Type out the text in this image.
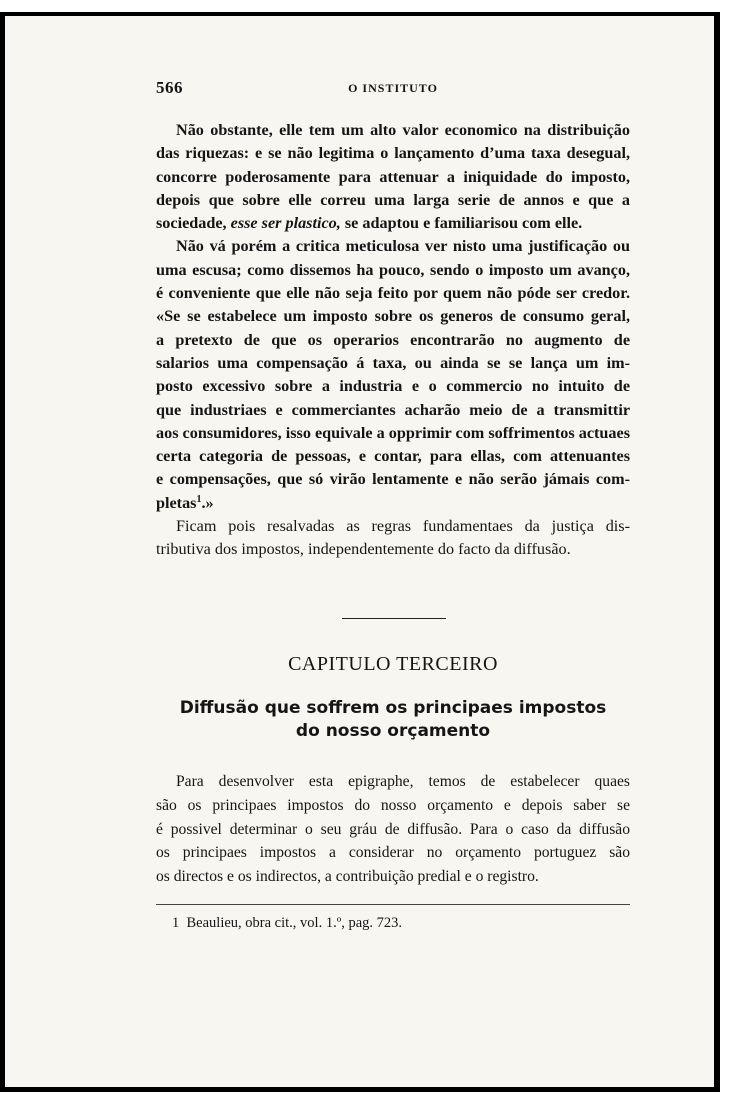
566	O INSTITUTO

Não obstante, elle tem um alto valor economico na distribuição
das riquezas: e se não legitima o lançamento d’uma taxa desegual,
concorre poderosamente para attenuar a iniquidade do imposto,
depois que sobre elle correu uma larga serie de annos e que a
sociedade, esse ser plastico, se adaptou e familiarisou com elle.

Não vá porém a critica meticulosa ver nisto uma justificação ou
uma escusa; como dissemos ha pouco, sendo o imposto um avanço,
é conveniente que elle não seja feito por quem não póde ser credor.
«Se se estabelece um imposto sobre os generos de consumo geral,
a pretexto de que os operarios encontrarão no augmento de
salarios uma compensação á taxa, ou ainda se se lança um im-
posto excessivo sobre a industria e o commercio no intuito de
que industriaes e commerciantes acharão meio de a transmittir
aos consumidores, isso equivale a opprimir com soffrimentos actuaes
certa categoria de pessoas, e contar, para ellas, com attenuantes
e compensações, que só virão lentamente e não serão jámais com-
pletas$^1$.»

Ficam pois resalvadas as regras fundamentaes da justiça dis-
tributiva dos impostos, independentemente do facto da diffusão.

CAPITULO TERCEIRO
Diffusão que soffrem os principaes impostos
do nosso orçamento

Para desenvolver esta epigraphe, temos de estabelecer quaes
são os principaes impostos do nosso orçamento e depois saber se
é possivel determinar o seu gráu de diffusão. Para o caso da diffusão
os principaes impostos a considerar no orçamento portuguez são
os directos e os indirectos, a contribuição predial e o registro.

1 Beaulieu, obra cit., vol. 1.º, pag. 723.
